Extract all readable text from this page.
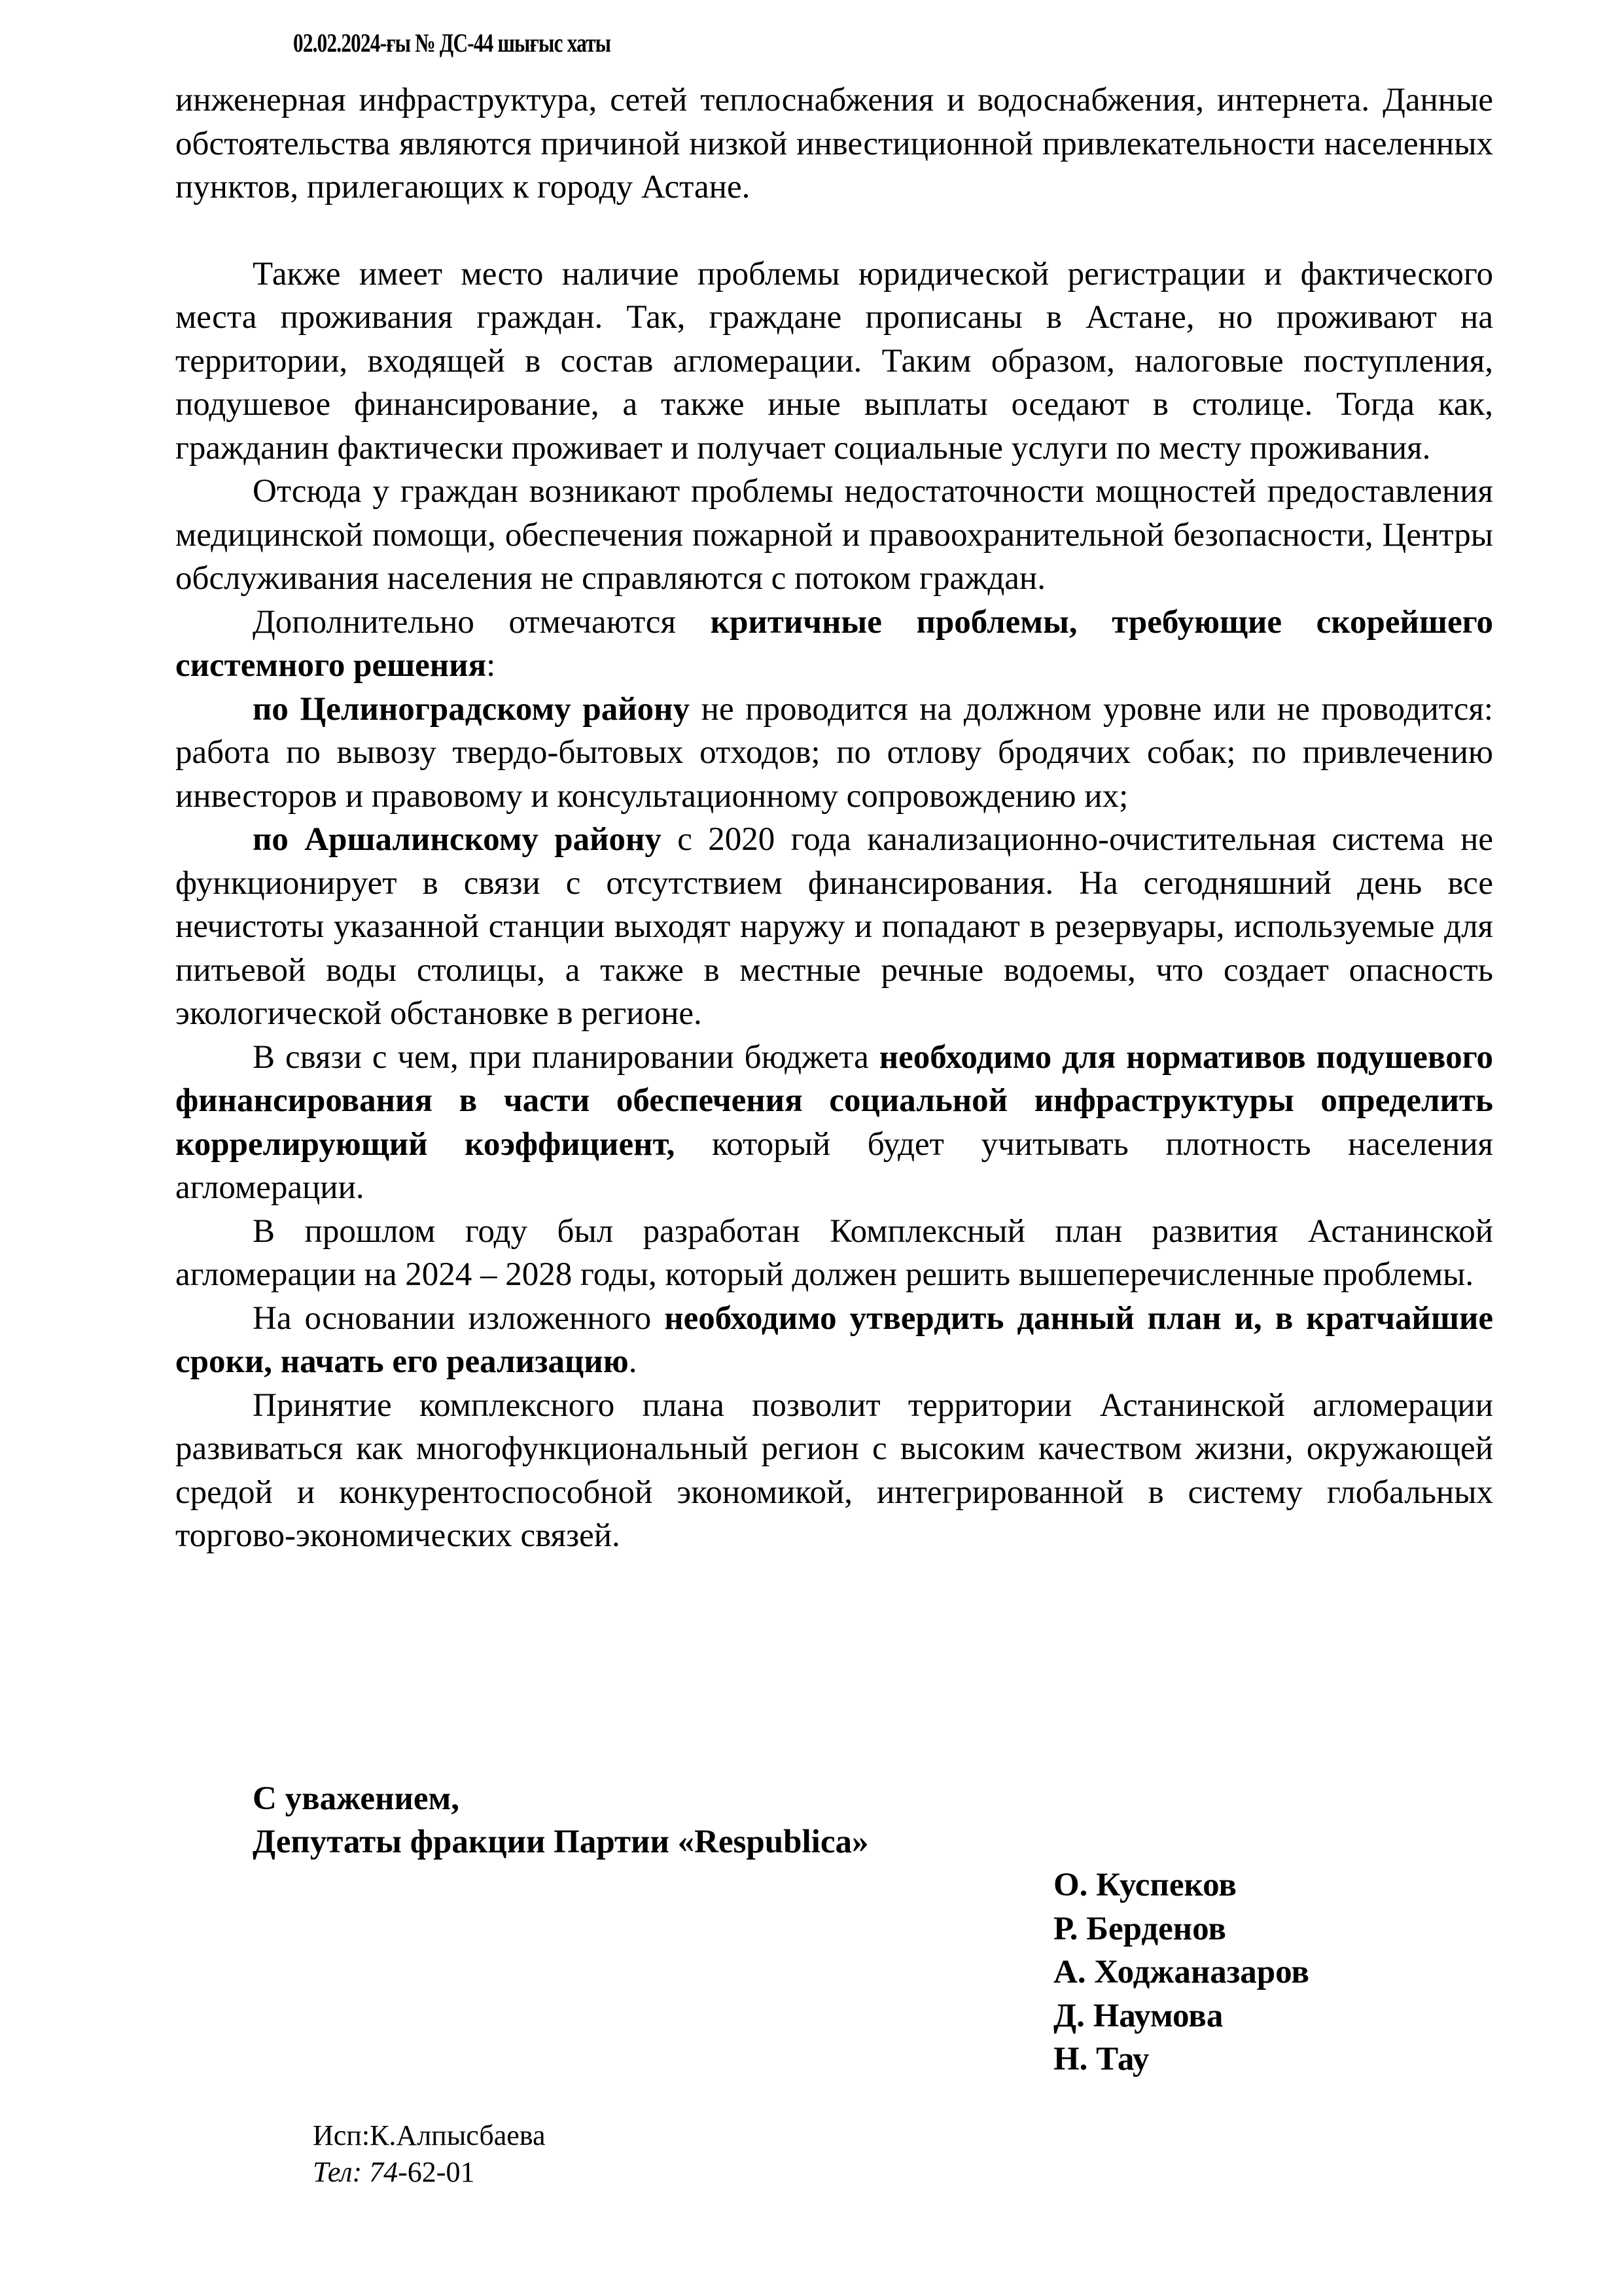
02.02.2024-ғы № ДС-44 шығыс хаты

инженерная инфраструктура, сетей теплоснабжения и водоснабжения, интернета. Данные обстоятельства являются причиной низкой инвестиционной привлекательности населенных пунктов, прилегающих к городу Астане.

Также имеет место наличие проблемы юридической регистрации и фактического места проживания граждан. Так, граждане прописаны в Астане, но проживают на территории, входящей в состав агломерации. Таким образом, налоговые поступления, подушевое финансирование, а также иные выплаты оседают в столице. Тогда как, гражданин фактически проживает и получает социальные услуги по месту проживания.

Отсюда у граждан возникают проблемы недостаточности мощностей предоставления медицинской помощи, обеспечения пожарной и правоохранительной безопасности, Центры обслуживания населения не справляются с потоком граждан.

Дополнительно отмечаются критичные проблемы, требующие скорейшего системного решения:

по Целиноградскому району не проводится на должном уровне или не проводится: работа по вывозу твердо-бытовых отходов; по отлову бродячих собак; по привлечению инвесторов и правовому и консультационному сопровождению их;

по Аршалинскому району с 2020 года канализационно-очистительная система не функционирует в связи с отсутствием финансирования. На сегодняшний день все нечистоты указанной станции выходят наружу и попадают в резервуары, используемые для питьевой воды столицы, а также в местные речные водоемы, что создает опасность экологической обстановке в регионе.

В связи с чем, при планировании бюджета необходимо для нормативов подушевого финансирования в части обеспечения социальной инфраструктуры определить коррелирующий коэффициент, который будет учитывать плотность населения агломерации.

В прошлом году был разработан Комплексный план развития Астанинской агломерации на 2024 – 2028 годы, который должен решить вышеперечисленные проблемы.

На основании изложенного необходимо утвердить данный план и, в кратчайшие сроки, начать его реализацию.

Принятие комплексного плана позволит территории Астанинской агломерации развиваться как многофункциональный регион с высоким качеством жизни, окружающей средой и конкурентоспособной экономикой, интегрированной в систему глобальных торгово-экономических связей.

С уважением,
Депутаты фракции Партии «Respublica»
О. Куспеков
Р. Берденов
А. Ходжаназаров
Д. Наумова
Н. Тау
Исп:К.Алпысбаева
Тел: 74-62-01
